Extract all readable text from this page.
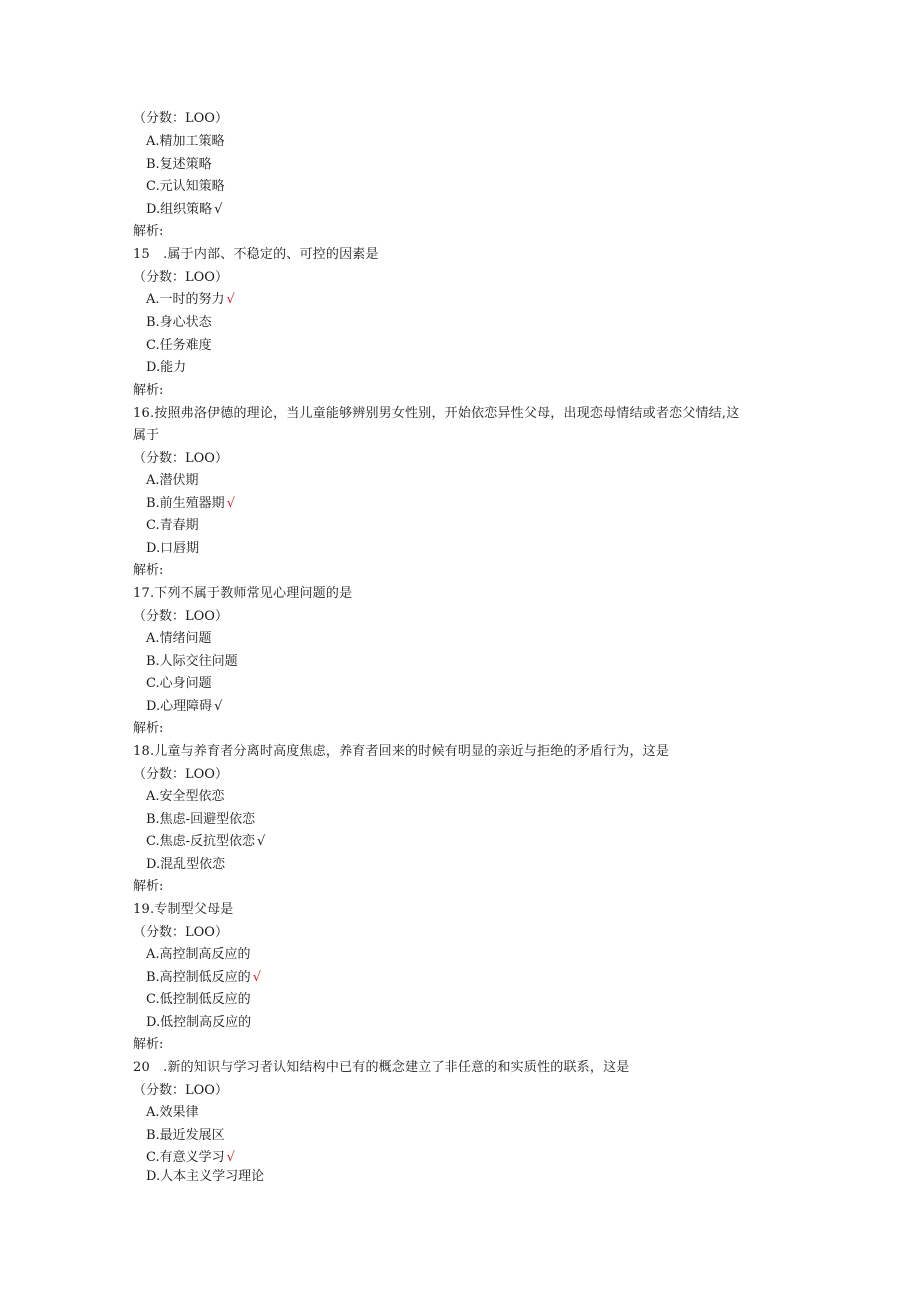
（分数：LOO）
A.精加工策略
B.复述策略
C.元认知策略
D.组织策略 √
解析:
15　.属于内部、不稳定的、可控的因素是
（分数：LOO）
A.一时的努力 √
B.身心状态
C.任务难度
D.能力
解析:
16.按照弗洛伊德的理论，当儿童能够辨别男女性别，开始依恋异性父母，出现恋母情结或者恋父情结,这
属于
（分数：LOO）
A.潜伏期
B.前生殖器期 √
C.青春期
D.口唇期
解析:
17.下列不属于教师常见心理问题的是
（分数：LOO）
A.情绪问题
B.人际交往问题
C.心身问题
D.心理障碍 √
解析:
18.儿童与养育者分离时高度焦虑，养育者回来的时候有明显的亲近与拒绝的矛盾行为，这是
（分数：LOO）
A.安全型依恋
B.焦虑-回避型依恋
C.焦虑-反抗型依恋 √
D.混乱型依恋
解析:
19.专制型父母是
（分数：LOO）
A.高控制高反应的
B.高控制低反应的 √
C.低控制低反应的
D.低控制高反应的
解析:
20　.新的知识与学习者认知结构中已有的概念建立了非任意的和实质性的联系，这是
（分数：LOO）
A.效果律
B.最近发展区
C.有意义学习 √
D.人本主义学习理论
